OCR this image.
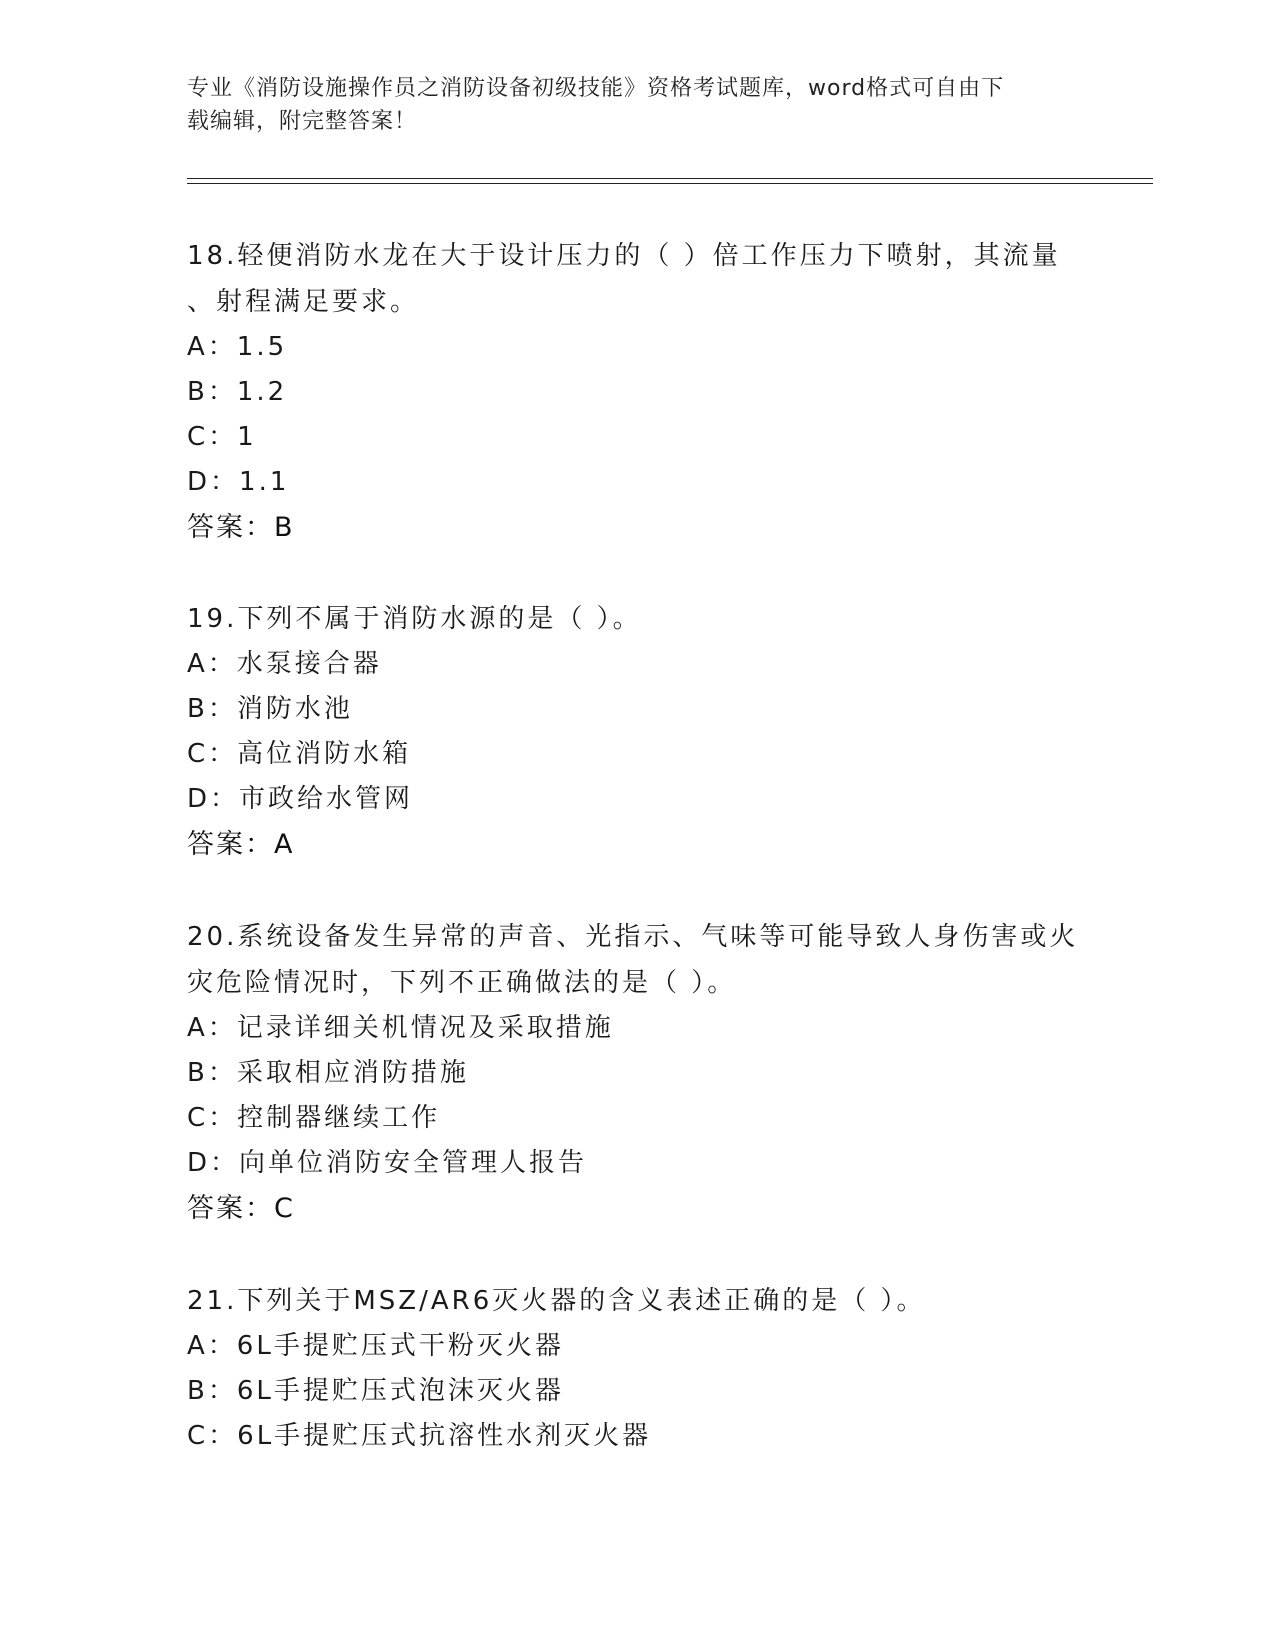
专业《消防设施操作员之消防设备初级技能》资格考试题库，word格式可自由下
载编辑，附完整答案！
18.轻便消防水龙在大于设计压力的（ ）倍工作压力下喷射，其流量
、射程满足要求。
A：1.5
B：1.2
C：1
D：1.1
答案：B
19.下列不属于消防水源的是（ ）。
A：水泵接合器
B：消防水池
C：高位消防水箱
D：市政给水管网
答案：A
20.系统设备发生异常的声音、光指示、气味等可能导致人身伤害或火
灾危险情况时，下列不正确做法的是（ ）。
A：记录详细关机情况及采取措施
B：采取相应消防措施
C：控制器继续工作
D：向单位消防安全管理人报告
答案：C
21.下列关于MSZ/AR6灭火器的含义表述正确的是（ ）。
A：6L手提贮压式干粉灭火器
B：6L手提贮压式泡沫灭火器
C：6L手提贮压式抗溶性水剂灭火器
